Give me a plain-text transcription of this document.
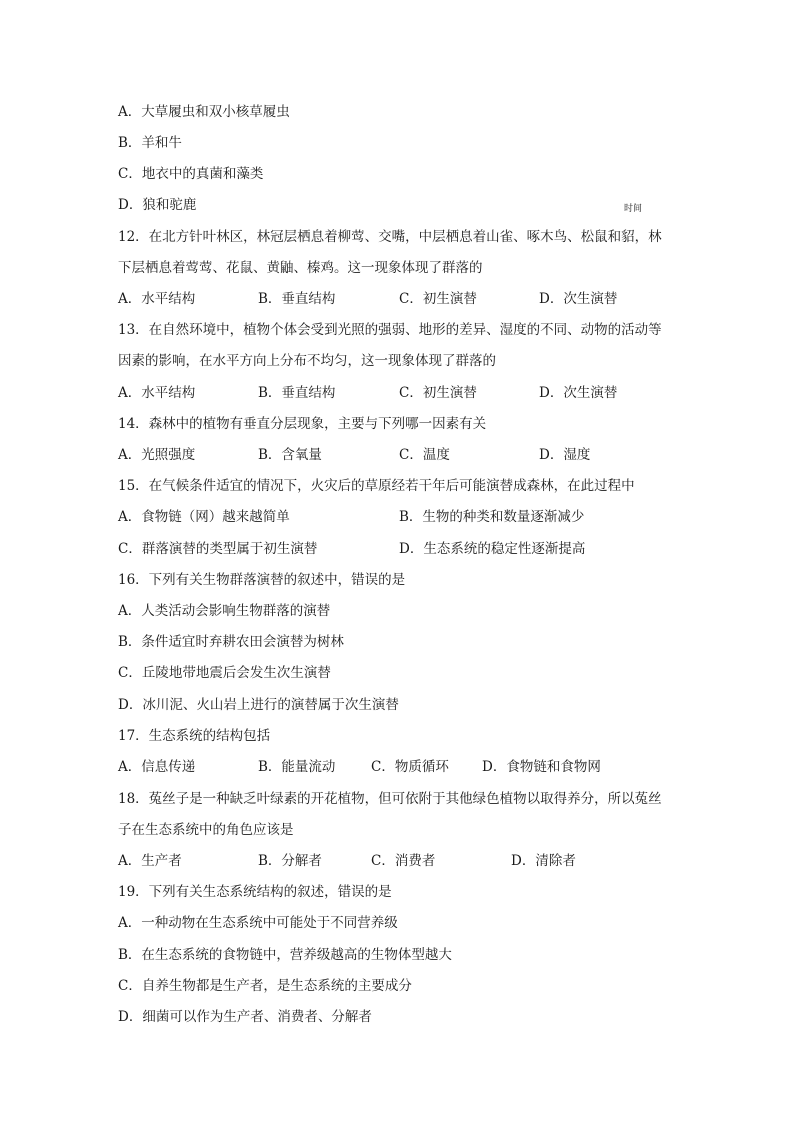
A．大草履虫和双小核草履虫
B．羊和牛
C．地衣中的真菌和藻类
D．狼和驼鹿	时间
12．在北方针叶林区，林冠层栖息着柳莺、交嘴，中层栖息着山雀、啄木鸟、松鼠和貂，林
下层栖息着莺莺、花鼠、黄鼬、榛鸡。这一现象体现了群落的
A．水平结构	B．垂直结构	C．初生演替	D．次生演替
13．在自然环境中，植物个体会受到光照的强弱、地形的差异、湿度的不同、动物的活动等
因素的影响，在水平方向上分布不均匀，这一现象体现了群落的
A．水平结构	B．垂直结构	C．初生演替	D．次生演替
14．森林中的植物有垂直分层现象，主要与下列哪一因素有关
A．光照强度	B．含氧量	C．温度	D．湿度
15．在气候条件适宜的情况下，火灾后的草原经若干年后可能演替成森林，在此过程中
A．食物链（网）越来越简单	B．生物的种类和数量逐渐减少
C．群落演替的类型属于初生演替	D．生态系统的稳定性逐渐提高
16．下列有关生物群落演替的叙述中，错误的是
A．人类活动会影响生物群落的演替
B．条件适宜时弃耕农田会演替为树林
C．丘陵地带地震后会发生次生演替
D．冰川泥、火山岩上进行的演替属于次生演替
17．生态系统的结构包括
A．信息传递	B．能量流动	C．物质循环 D．食物链和食物网
18．菟丝子是一种缺乏叶绿素的开花植物，但可依附于其他绿色植物以取得养分，所以菟丝
子在生态系统中的角色应该是
A．生产者	B．分解者	C．消费者	D．清除者
19．下列有关生态系统结构的叙述，错误的是
A．一种动物在生态系统中可能处于不同营养级
B．在生态系统的食物链中，营养级越高的生物体型越大
C．自养生物都是生产者，是生态系统的主要成分
D．细菌可以作为生产者、消费者、分解者
